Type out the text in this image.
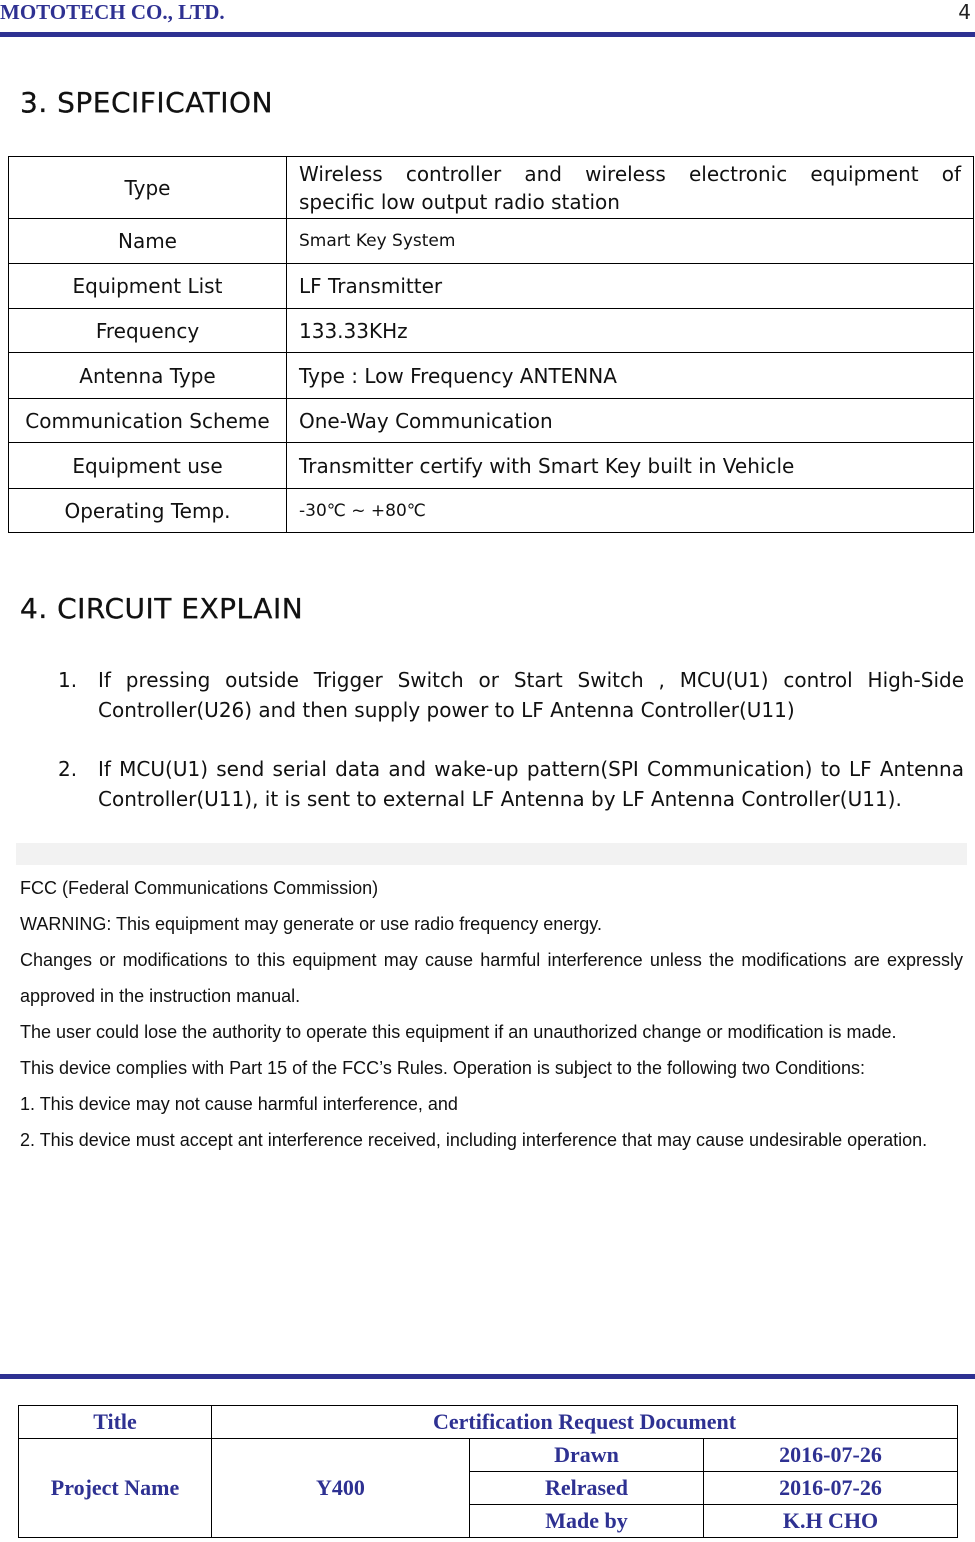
MOTOTECH CO., LTD.	4
3. SPECIFICATION
Type	Wireless controller and wireless electronic equipment of
specific low output radio station

Name	Smart Key System
Equipment List	LF Transmitter
Frequency	133.33KHz
Antenna Type	Type : Low Frequency ANTENNA
Communication Scheme	One-Way Communication
Equipment use	Transmitter certify with Smart Key built in Vehicle
Operating Temp.	-30℃ ~ +80℃
4. CIRCUIT EXPLAIN
1.	If pressing outside Trigger Switch or Start Switch , MCU(U1) control High-Side Controller(U26) and then supply power to LF Antenna Controller(U11)
2.	If MCU(U1) send serial data and wake-up pattern(SPI Communication) to LF Antenna Controller(U11), it is sent to external LF Antenna by LF Antenna Controller(U11).

FCC (Federal Communications Commission)

WARNING: This equipment may generate or use radio frequency energy.

Changes or modifications to this equipment may cause harmful interference unless the modifications are expressly approved in the instruction manual.

The user could lose the authority to operate this equipment if an unauthorized change or modification is made.

This device complies with Part 15 of the FCC’s Rules. Operation is subject to the following two Conditions:

1. This device may not cause harmful interference, and

2. This device must accept ant interference received, including interference that may cause undesirable operation.

Title	Certification Request Document		
Project Name	Y400	Drawn	2016-07-26
		Relrased	2016-07-26
		Made by	K.H CHO
